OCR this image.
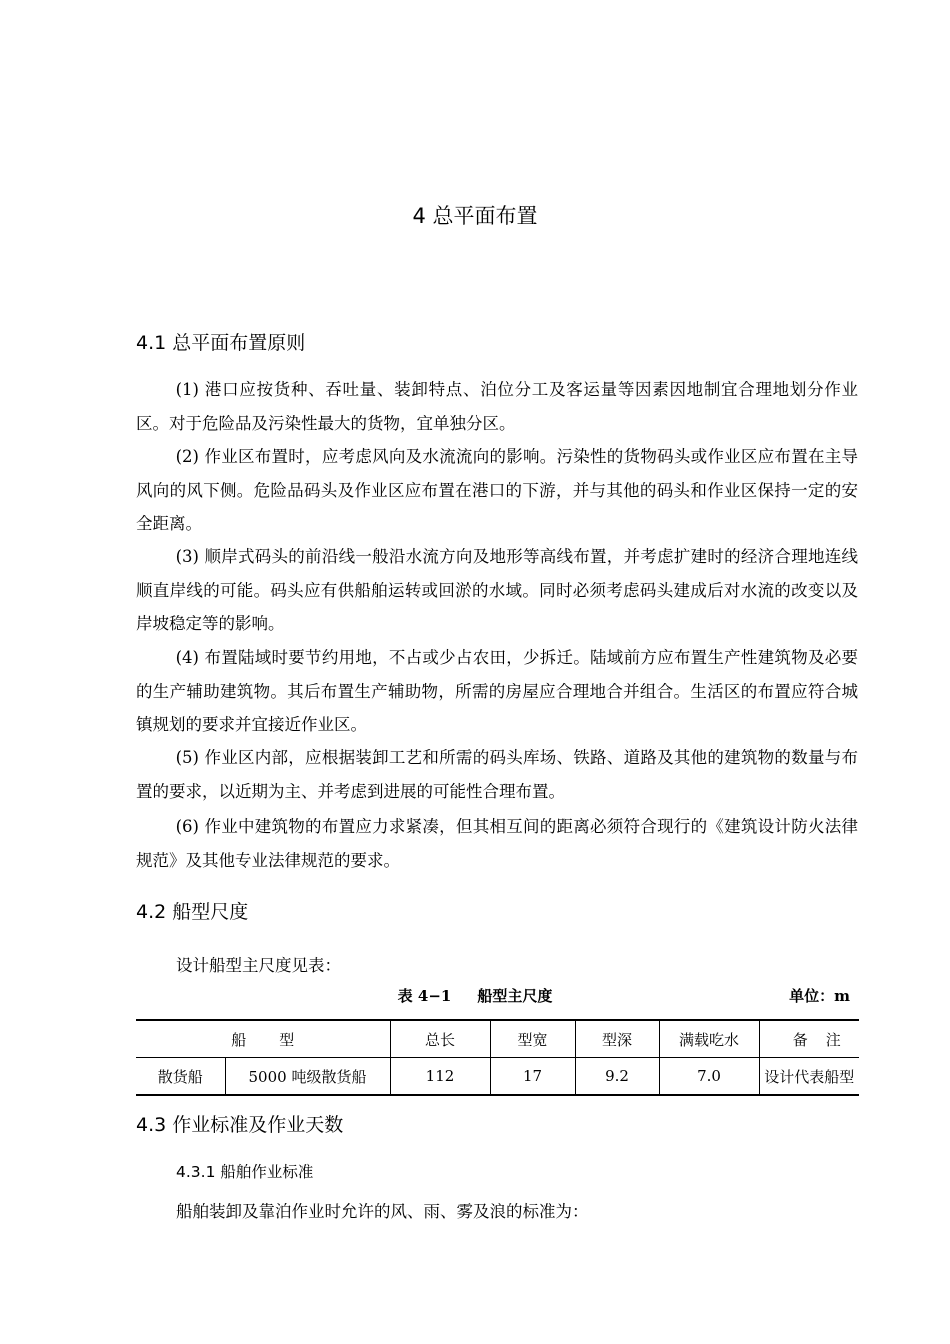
4 总平面布置
4.1 总平面布置原则
(1) 港口应按货种、吞吐量、装卸特点、泊位分工及客运量等因素因地制宜合理地划分作业区。对于危险品及污染性最大的货物，宜单独分区。
(2) 作业区布置时，应考虑风向及水流流向的影响。污染性的货物码头或作业区应布置在主导风向的风下侧。危险品码头及作业区应布置在港口的下游，并与其他的码头和作业区保持一定的安全距离。
(3) 顺岸式码头的前沿线一般沿水流方向及地形等高线布置，并考虑扩建时的经济合理地连线顺直岸线的可能。码头应有供船舶运转或回淤的水域。同时必须考虑码头建成后对水流的改变以及岸坡稳定等的影响。
(4) 布置陆域时要节约用地，不占或少占农田，少拆迁。陆域前方应布置生产性建筑物及必要的生产辅助建筑物。其后布置生产辅助物，所需的房屋应合理地合并组合。生活区的布置应符合城镇规划的要求并宜接近作业区。
(5) 作业区内部，应根据装卸工艺和所需的码头库场、铁路、道路及其他的建筑物的数量与布置的要求，以近期为主、并考虑到进展的可能性合理布置。
(6) 作业中建筑物的布置应力求紧凑，但其相互间的距离必须符合现行的《建筑设计防火法律规范》及其他专业法律规范的要求。
4.2 船型尺度
设计船型主尺度见表：
表 4−1 船型主尺度	单位：m
船型		总长	型宽	型深	满载吃水	备注
散货船	5000 吨级散货船	112	17	9.2	7.0	设计代表船型
4.3 作业标准及作业天数
4.3.1 船舶作业标准
船舶装卸及靠泊作业时允许的风、雨、雾及浪的标准为：
